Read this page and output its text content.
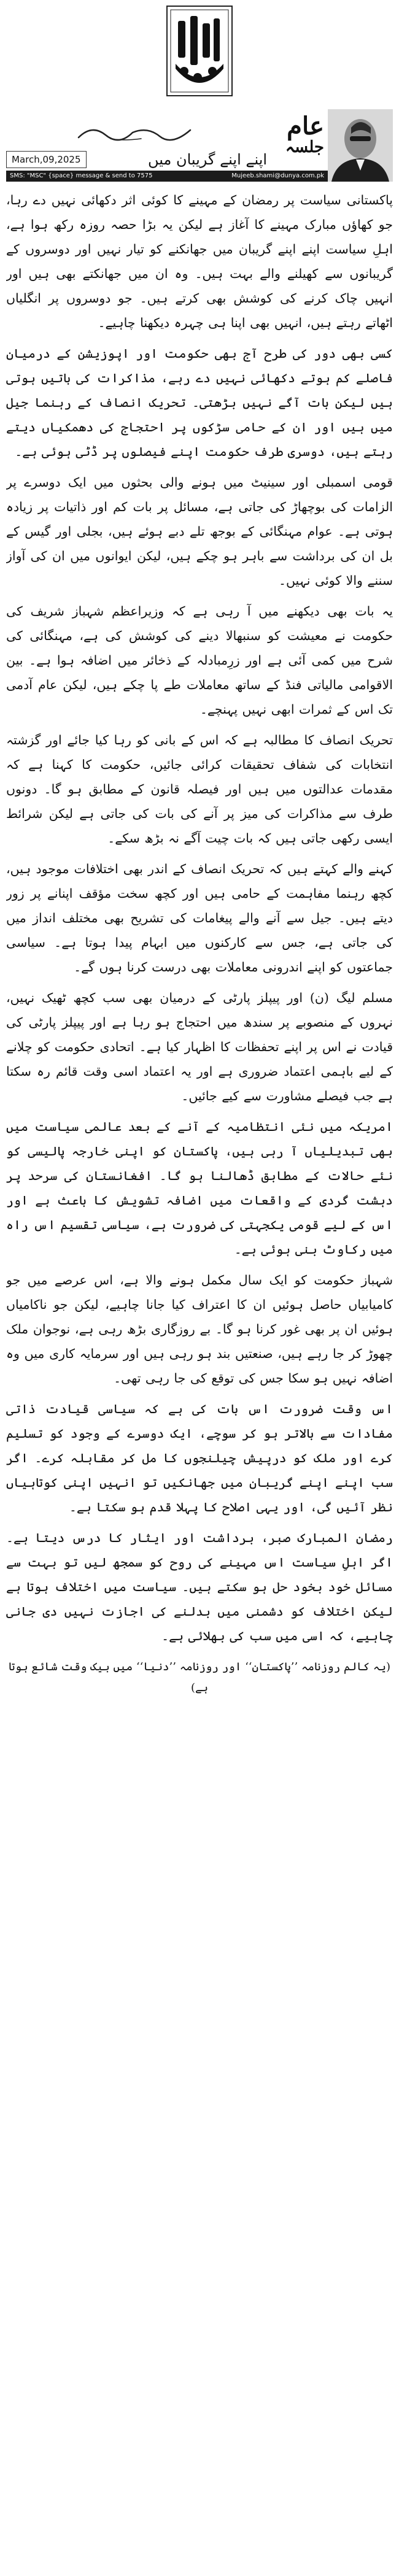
عام
جلسہ
اپنے اپنے گریبان میں
March,09,2025
SMS: "MSC" {space} message & send to 7575	Mujeeb.shami@dunya.com.pk

پاکستانی سیاست پر رمضان کے مہینے کا کوئی اثر دکھائی نہیں دے رہا، جو کھاؤں مبارک مہینے کا آغاز ہے لیکن یہ بڑا حصہ روزہ رکھ ہوا ہے، اہلِ سیاست اپنے اپنے گریبان میں جھانکنے کو تیار نہیں اور دوسروں کے گریبانوں سے کھیلنے والے بہت ہیں۔ وہ ان میں جھانکتے بھی ہیں اور انہیں چاک کرنے کی کوشش بھی کرتے ہیں۔ جو دوسروں پر انگلیاں اٹھاتے رہتے ہیں، انہیں بھی اپنا ہی چہرہ دیکھنا چاہیے۔

کسی بھی دور کی طرح آج بھی حکومت اور اپوزیشن کے درمیان فاصلے کم ہوتے دکھائی نہیں دے رہے، مذاکرات کی باتیں ہوتی ہیں لیکن بات آگے نہیں بڑھتی۔ تحریک انصاف کے رہنما جیل میں ہیں اور ان کے حامی سڑکوں پر احتجاج کی دھمکیاں دیتے رہتے ہیں، دوسری طرف حکومت اپنے فیصلوں پر ڈٹی ہوئی ہے۔

قومی اسمبلی اور سینیٹ میں ہونے والی بحثوں میں ایک دوسرے پر الزامات کی بوچھاڑ کی جاتی ہے، مسائل پر بات کم اور ذاتیات پر زیادہ ہوتی ہے۔ عوام مہنگائی کے بوجھ تلے دبے ہوئے ہیں، بجلی اور گیس کے بل ان کی برداشت سے باہر ہو چکے ہیں، لیکن ایوانوں میں ان کی آواز سننے والا کوئی نہیں۔

یہ بات بھی دیکھنے میں آ رہی ہے کہ وزیراعظم شہباز شریف کی حکومت نے معیشت کو سنبھالا دینے کی کوشش کی ہے، مہنگائی کی شرح میں کمی آئی ہے اور زرِمبادلہ کے ذخائر میں اضافہ ہوا ہے۔ بین الاقوامی مالیاتی فنڈ کے ساتھ معاملات طے پا چکے ہیں، لیکن عام آدمی تک اس کے ثمرات ابھی نہیں پہنچے۔

تحریک انصاف کا مطالبہ ہے کہ اس کے بانی کو رہا کیا جائے اور گزشتہ انتخابات کی شفاف تحقیقات کرائی جائیں، حکومت کا کہنا ہے کہ مقدمات عدالتوں میں ہیں اور فیصلہ قانون کے مطابق ہو گا۔ دونوں طرف سے مذاکرات کی میز پر آنے کی بات کی جاتی ہے لیکن شرائط ایسی رکھی جاتی ہیں کہ بات چیت آگے نہ بڑھ سکے۔

کہنے والے کہتے ہیں کہ تحریک انصاف کے اندر بھی اختلافات موجود ہیں، کچھ رہنما مفاہمت کے حامی ہیں اور کچھ سخت مؤقف اپنانے پر زور دیتے ہیں۔ جیل سے آنے والے پیغامات کی تشریح بھی مختلف انداز میں کی جاتی ہے، جس سے کارکنوں میں ابہام پیدا ہوتا ہے۔ سیاسی جماعتوں کو اپنے اندرونی معاملات بھی درست کرنا ہوں گے۔

مسلم لیگ (ن) اور پیپلز پارٹی کے درمیان بھی سب کچھ ٹھیک نہیں، نہروں کے منصوبے پر سندھ میں احتجاج ہو رہا ہے اور پیپلز پارٹی کی قیادت نے اس پر اپنے تحفظات کا اظہار کیا ہے۔ اتحادی حکومت کو چلانے کے لیے باہمی اعتماد ضروری ہے اور یہ اعتماد اسی وقت قائم رہ سکتا ہے جب فیصلے مشاورت سے کیے جائیں۔

امریکہ میں نئی انتظامیہ کے آنے کے بعد عالمی سیاست میں بھی تبدیلیاں آ رہی ہیں، پاکستان کو اپنی خارجہ پالیسی کو نئے حالات کے مطابق ڈھالنا ہو گا۔ افغانستان کی سرحد پر دہشت گردی کے واقعات میں اضافہ تشویش کا باعث ہے اور اس کے لیے قومی یکجہتی کی ضرورت ہے، سیاسی تقسیم اس راہ میں رکاوٹ بنی ہوئی ہے۔

شہباز حکومت کو ایک سال مکمل ہونے والا ہے، اس عرصے میں جو کامیابیاں حاصل ہوئیں ان کا اعتراف کیا جانا چاہیے، لیکن جو ناکامیاں ہوئیں ان پر بھی غور کرنا ہو گا۔ بے روزگاری بڑھ رہی ہے، نوجوان ملک چھوڑ کر جا رہے ہیں، صنعتیں بند ہو رہی ہیں اور سرمایہ کاری میں وہ اضافہ نہیں ہو سکا جس کی توقع کی جا رہی تھی۔

اس وقت ضرورت اس بات کی ہے کہ سیاسی قیادت ذاتی مفادات سے بالاتر ہو کر سوچے، ایک دوسرے کے وجود کو تسلیم کرے اور ملک کو درپیش چیلنجوں کا مل کر مقابلہ کرے۔ اگر سب اپنے اپنے گریبان میں جھانکیں تو انہیں اپنی کوتاہیاں نظر آئیں گی، اور یہی اصلاح کا پہلا قدم ہو سکتا ہے۔

رمضان المبارک صبر، برداشت اور ایثار کا درس دیتا ہے۔ اگر اہلِ سیاست اس مہینے کی روح کو سمجھ لیں تو بہت سے مسائل خود بخود حل ہو سکتے ہیں۔ سیاست میں اختلاف ہوتا ہے لیکن اختلاف کو دشمنی میں بدلنے کی اجازت نہیں دی جانی چاہیے، کہ اسی میں سب کی بھلائی ہے۔

(یہ کالم روزنامہ ’’پاکستان‘‘ اور روزنامہ ’’دنیا‘‘ میں بیک وقت شائع ہوتا ہے)
